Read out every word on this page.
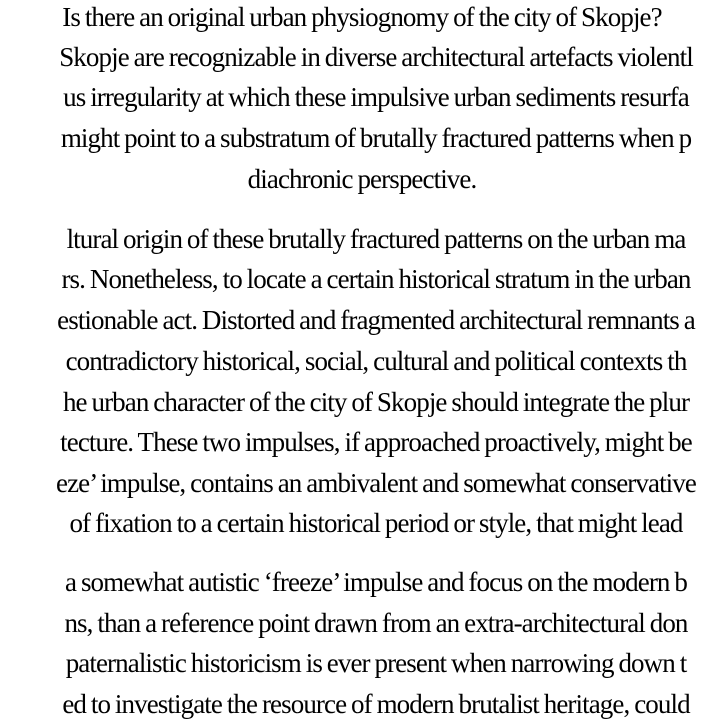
Is there an original urban physiognomy of the city of Skopje?
Skopje are recognizable in diverse architectural artefacts violentl
us irregularity at which these impulsive urban sediments resurfa
might point to a substratum of brutally fractured patterns when p
diachronic perspective.
ltural origin of these brutally fractured patterns on the urban ma
rs. Nonetheless, to locate a certain historical stratum in the urban
estionable act. Distorted and fragmented architectural remnants a
contradictory historical, social, cultural and political contexts th
he urban character of the city of Skopje should integrate the plur
tecture. These two impulses, if approached proactively, might be
eze’ impulse, contains an ambivalent and somewhat conservative
of fixation to a certain historical period or style, that might lead
a somewhat autistic ‘freeze’ impulse and focus on the modern b
ns, than a reference point drawn from an extra-architectural don
paternalistic historicism is ever present when narrowing down t
ed to investigate the resource of modern brutalist heritage, could
